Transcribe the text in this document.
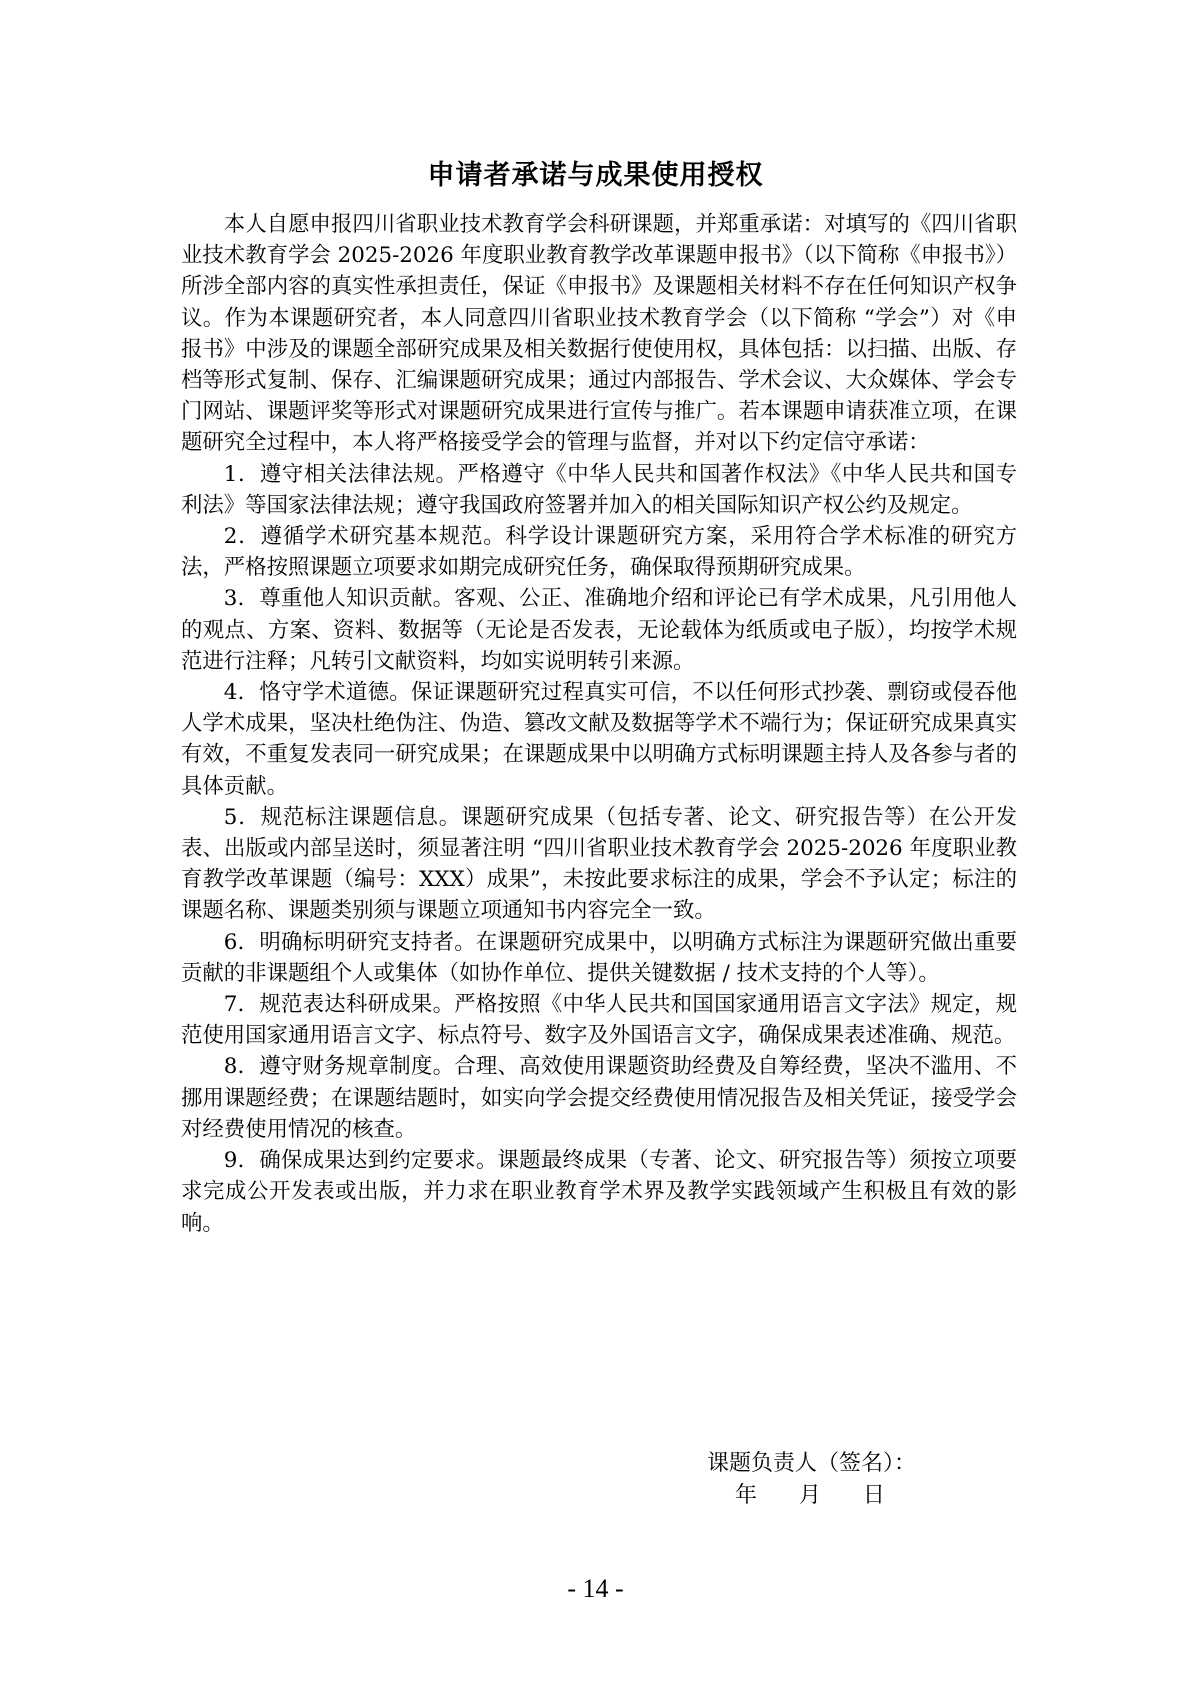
申请者承诺与成果使用授权

本人自愿申报四川省职业技术教育学会科研课题，并郑重承诺：对填写的《四川省职业技术教育学会 2025-2026 年度职业教育教学改革课题申报书》（以下简称《申报书》）所涉全部内容的真实性承担责任，保证《申报书》及课题相关材料不存在任何知识产权争议。作为本课题研究者，本人同意四川省职业技术教育学会（以下简称 “学会”）对《申报书》中涉及的课题全部研究成果及相关数据行使使用权，具体包括：以扫描、出版、存档等形式复制、保存、汇编课题研究成果；通过内部报告、学术会议、大众媒体、学会专门网站、课题评奖等形式对课题研究成果进行宣传与推广。若本课题申请获准立项，在课题研究全过程中，本人将严格接受学会的管理与监督，并对以下约定信守承诺：

1．遵守相关法律法规。严格遵守《中华人民共和国著作权法》《中华人民共和国专利法》等国家法律法规；遵守我国政府签署并加入的相关国际知识产权公约及规定。

2．遵循学术研究基本规范。科学设计课题研究方案，采用符合学术标准的研究方法，严格按照课题立项要求如期完成研究任务，确保取得预期研究成果。

3．尊重他人知识贡献。客观、公正、准确地介绍和评论已有学术成果，凡引用他人的观点、方案、资料、数据等（无论是否发表，无论载体为纸质或电子版），均按学术规范进行注释；凡转引文献资料，均如实说明转引来源。

4．恪守学术道德。保证课题研究过程真实可信，不以任何形式抄袭、剽窃或侵吞他人学术成果，坚决杜绝伪注、伪造、篡改文献及数据等学术不端行为；保证研究成果真实有效，不重复发表同一研究成果；在课题成果中以明确方式标明课题主持人及各参与者的具体贡献。

5．规范标注课题信息。课题研究成果（包括专著、论文、研究报告等）在公开发表、出版或内部呈送时，须显著注明 “四川省职业技术教育学会 2025-2026 年度职业教育教学改革课题（编号：XXX）成果”，未按此要求标注的成果，学会不予认定；标注的课题名称、课题类别须与课题立项通知书内容完全一致。

6．明确标明研究支持者。在课题研究成果中，以明确方式标注为课题研究做出重要贡献的非课题组个人或集体（如协作单位、提供关键数据 / 技术支持的个人等）。

7．规范表达科研成果。严格按照《中华人民共和国国家通用语言文字法》规定，规范使用国家通用语言文字、标点符号、数字及外国语言文字，确保成果表述准确、规范。

8．遵守财务规章制度。合理、高效使用课题资助经费及自筹经费，坚决不滥用、不挪用课题经费；在课题结题时，如实向学会提交经费使用情况报告及相关凭证，接受学会对经费使用情况的核查。

9．确保成果达到约定要求。课题最终成果（专著、论文、研究报告等）须按立项要求完成公开发表或出版，并力求在职业教育学术界及教学实践领域产生积极且有效的影响。

课题负责人（签名）：
年      月      日
- 14 -
